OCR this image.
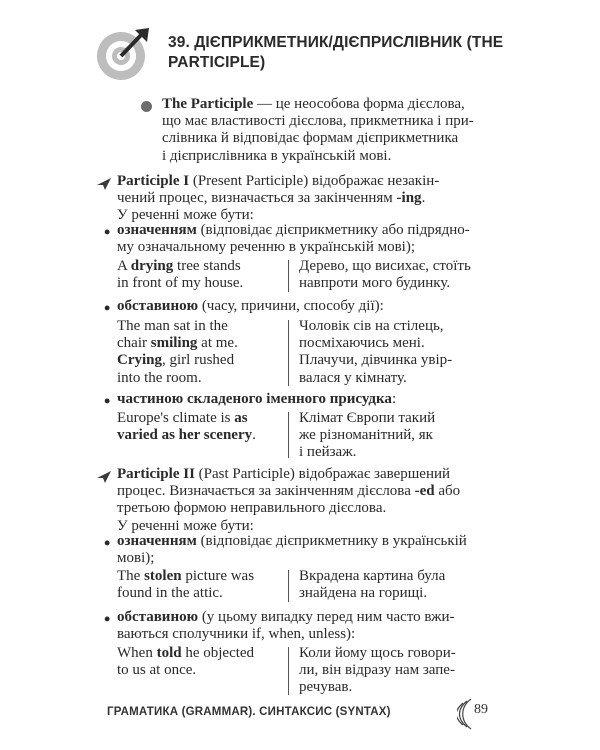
39. ДІЄПРИКМЕТНИК/ДІЄПРИСЛІВНИК (THE PARTICIPLE)
The Participle — це неособова форма дієслова,
що має властивості дієслова, прикметника і при-
слівника й відповідає формам дієприкметника
і дієприслівника в українській мові.
Participle I (Present Participle) відображає незакін-
чений процес, визначається за закінченням -ing.
У реченні може бути:
• означенням (відповідає дієприкметнику або підрядно-
му означальному реченню в українській мові);
A drying tree stands
in front of my house.
Дерево, що висихає, стоїть
навпроти мого будинку.
• обставиною (часу, причини, способу дії):
The man sat in the
chair smiling at me.
Crying, girl rushed
into the room.
Чоловік сів на стілець,
посміхаючись мені.
Плачучи, дівчинка увір-
валася у кімнату.
• частиною складеного іменного присудка:
Europe's climate is as
varied as her scenery.
Клімат Європи такий
же різноманітний, як
і пейзаж.
Participle II (Past Participle) відображає завершений
процес. Визначається за закінченням дієслова -ed або
третьою формою неправильного дієслова.
У реченні може бути:
• означенням (відповідає дієприкметнику в українській
мові);
The stolen picture was
found in the attic.
Вкрадена картина була
знайдена на горищі.
• обставиною (у цьому випадку перед ним часто вжи-
ваються сполучники if, when, unless):
When told he objected
to us at once.
Коли йому щось говори-
ли, він відразу нам запе-
речував.
ГРАМАТИКА (GRAMMAR). СИНТАКСИС (SYNTAX)	89
